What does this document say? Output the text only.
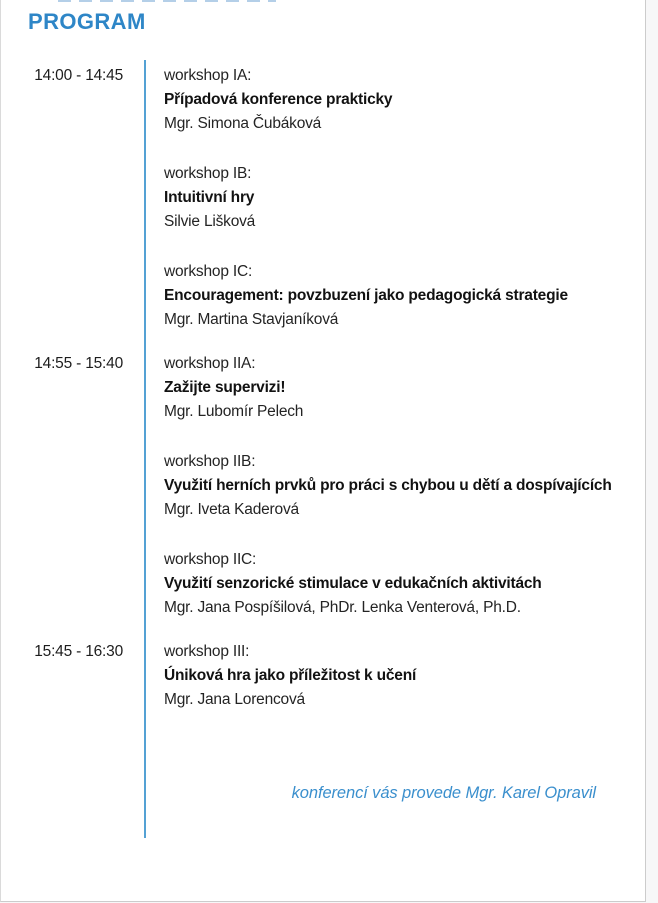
PROGRAM
14:00 - 14:45	workshop IA:
Případová konference prakticky
Mgr. Simona Čubáková
workshop IB:
Intuitivní hry
Silvie Lišková
workshop IC:
Encouragement: povzbuzení jako pedagogická strategie
Mgr. Martina Stavjaníková
14:55 - 15:40	workshop IIA:
Zažijte supervizi!
Mgr. Lubomír Pelech
workshop IIB:
Využití herních prvků pro práci s chybou u dětí a dospívajících
Mgr. Iveta Kaderová
workshop IIC:
Využití senzorické stimulace v edukačních aktivitách
Mgr. Jana Pospíšilová, PhDr. Lenka Venterová, Ph.D.
15:45 - 16:30	workshop III:
Úniková hra jako příležitost k učení
Mgr. Jana Lorencová
konferencí vás provede Mgr. Karel Opravil
